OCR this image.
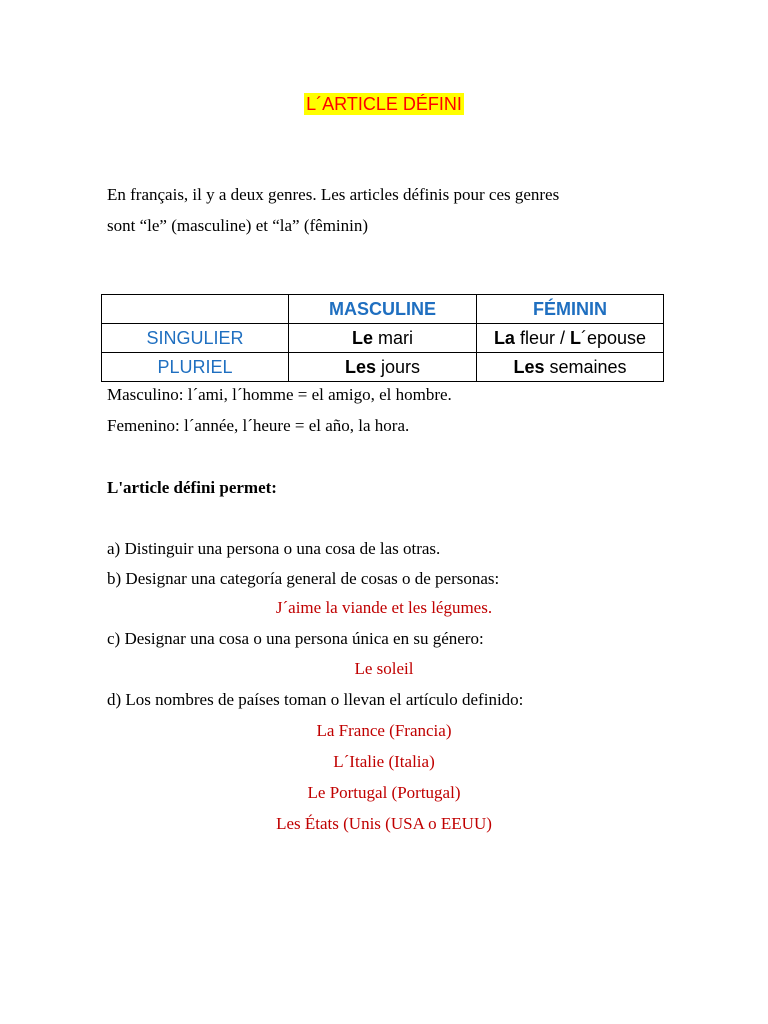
L´ARTICLE DÉFINI
En français, il y a deux genres. Les articles définis pour ces genres
sont “le” (masculine) et “la” (fêminin)
	MASCULINE	FÉMININ
SINGULIER	Le mari	La fleur / L´epouse
PLURIEL	Les jours	Les semaines
Masculino: l´ami, l´homme = el amigo, el hombre.
Femenino: l´année, l´heure = el año, la hora.
L'article défini permet:
a) Distinguir una persona o una cosa de las otras.
b) Designar una categoría general de cosas o de personas:
J´aime la viande et les légumes.
c) Designar una cosa o una persona única en su género:
Le soleil
d) Los nombres de países toman o llevan el artículo definido:
La France (Francia)
L´Italie (Italia)
Le Portugal (Portugal)
Les États (Unis (USA o EEUU)
